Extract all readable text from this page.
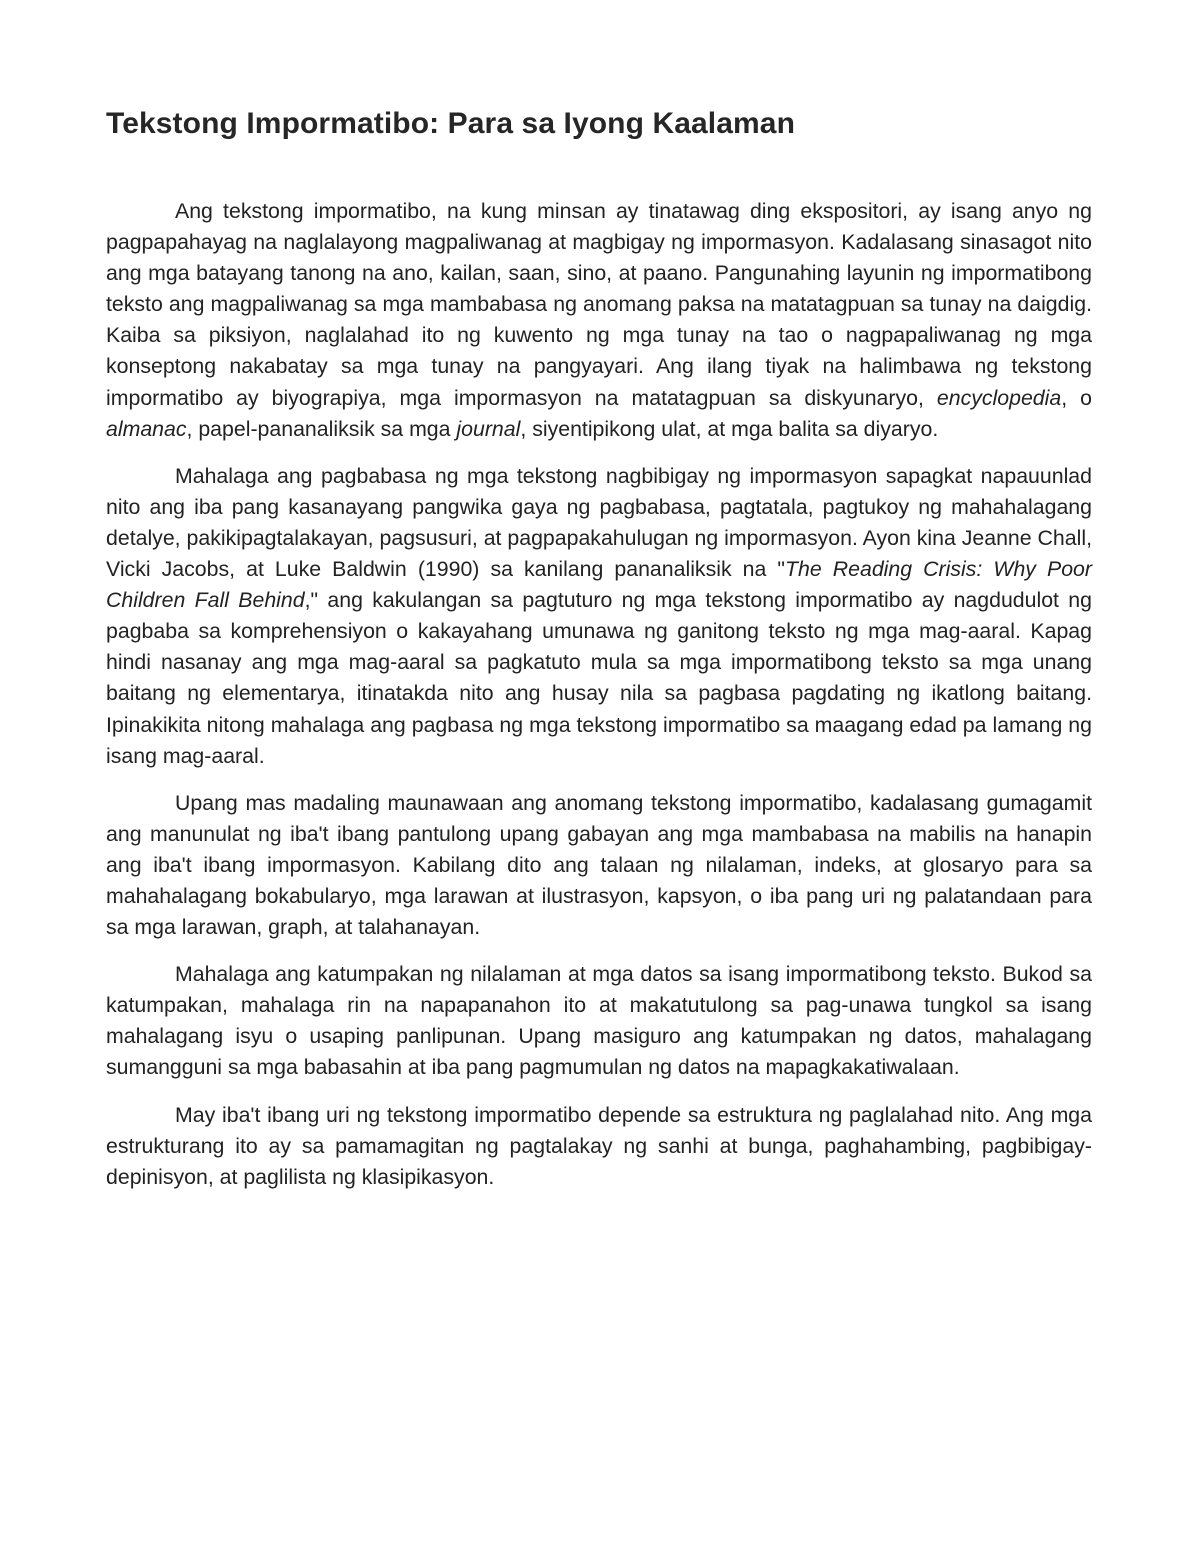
Tekstong Impormatibo: Para sa Iyong Kaalaman

Ang tekstong impormatibo, na kung minsan ay tinatawag ding ekspositori, ay isang anyo ng pagpapahayag na naglalayong magpaliwanag at magbigay ng impormasyon. Kadalasang sinasagot nito ang mga batayang tanong na ano, kailan, saan, sino, at paano. Pangunahing layunin ng impormatibong teksto ang magpaliwanag sa mga mambabasa ng anomang paksa na matatagpuan sa tunay na daigdig. Kaiba sa piksiyon, naglalahad ito ng kuwento ng mga tunay na tao o nagpapaliwanag ng mga konseptong nakabatay sa mga tunay na pangyayari. Ang ilang tiyak na halimbawa ng tekstong impormatibo ay biyograpiya, mga impormasyon na matatagpuan sa diskyunaryo, encyclopedia, o almanac, papel-pananaliksik sa mga journal, siyentipikong ulat, at mga balita sa diyaryo.

Mahalaga ang pagbabasa ng mga tekstong nagbibigay ng impormasyon sapagkat napauunlad nito ang iba pang kasanayang pangwika gaya ng pagbabasa, pagtatala, pagtukoy ng mahahalagang detalye, pakikipagtalakayan, pagsusuri, at pagpapakahulugan ng impormasyon. Ayon kina Jeanne Chall, Vicki Jacobs, at Luke Baldwin (1990) sa kanilang pananaliksik na "The Reading Crisis: Why Poor Children Fall Behind," ang kakulangan sa pagtuturo ng mga tekstong impormatibo ay nagdudulot ng pagbaba sa komprehensiyon o kakayahang umunawa ng ganitong teksto ng mga mag-aaral. Kapag hindi nasanay ang mga mag-aaral sa pagkatuto mula sa mga impormatibong teksto sa mga unang baitang ng elementarya, itinatakda nito ang husay nila sa pagbasa pagdating ng ikatlong baitang. Ipinakikita nitong mahalaga ang pagbasa ng mga tekstong impormatibo sa maagang edad pa lamang ng isang mag-aaral.

Upang mas madaling maunawaan ang anomang tekstong impormatibo, kadalasang gumagamit ang manunulat ng iba't ibang pantulong upang gabayan ang mga mambabasa na mabilis na hanapin ang iba't ibang impormasyon. Kabilang dito ang talaan ng nilalaman, indeks, at glosaryo para sa mahahalagang bokabularyo, mga larawan at ilustrasyon, kapsyon, o iba pang uri ng palatandaan para sa mga larawan, graph, at talahanayan.

Mahalaga ang katumpakan ng nilalaman at mga datos sa isang impormatibong teksto. Bukod sa katumpakan, mahalaga rin na napapanahon ito at makatutulong sa pag-unawa tungkol sa isang mahalagang isyu o usaping panlipunan. Upang masiguro ang katumpakan ng datos, mahalagang sumangguni sa mga babasahin at iba pang pagmumulan ng datos na mapagkakatiwalaan.

May iba't ibang uri ng tekstong impormatibo depende sa estruktura ng paglalahad nito. Ang mga estrukturang ito ay sa pamamagitan ng pagtalakay ng sanhi at bunga, paghahambing, pagbibigay-depinisyon, at paglilista ng klasipikasyon.
